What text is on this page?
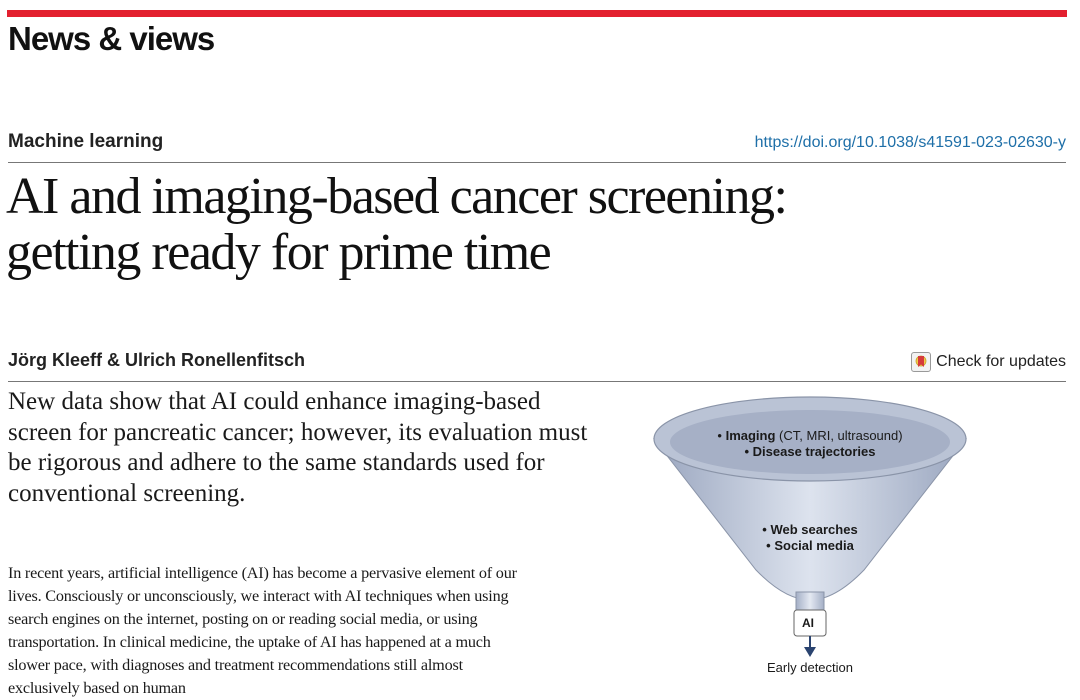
News & views
Machine learning	https://doi.org/10.1038/s41591-023-02630-y
AI and imaging-based cancer screening:
getting ready for prime time
Jörg Kleeff & Ulrich Ronellenfitsch	Check for updates

New data show that AI could enhance imaging-based screen for pancreatic cancer; however, its evaluation must be rigorous and adhere to the same standards used for conventional screening.

In recent years, artificial intelligence (AI) has become a pervasive element of our lives. Consciously or unconsciously, we interact with AI techniques when using search engines on the internet, posting on or reading social media, or using transportation. In clinical medicine, the uptake of AI has happened at a much slower pace, with diagnoses and treatment recommendations still almost exclusively based on human

• Imaging (CT, MRI, ultrasound)
• Disease trajectories
• Web searches
• Social media
AI
Early detection
